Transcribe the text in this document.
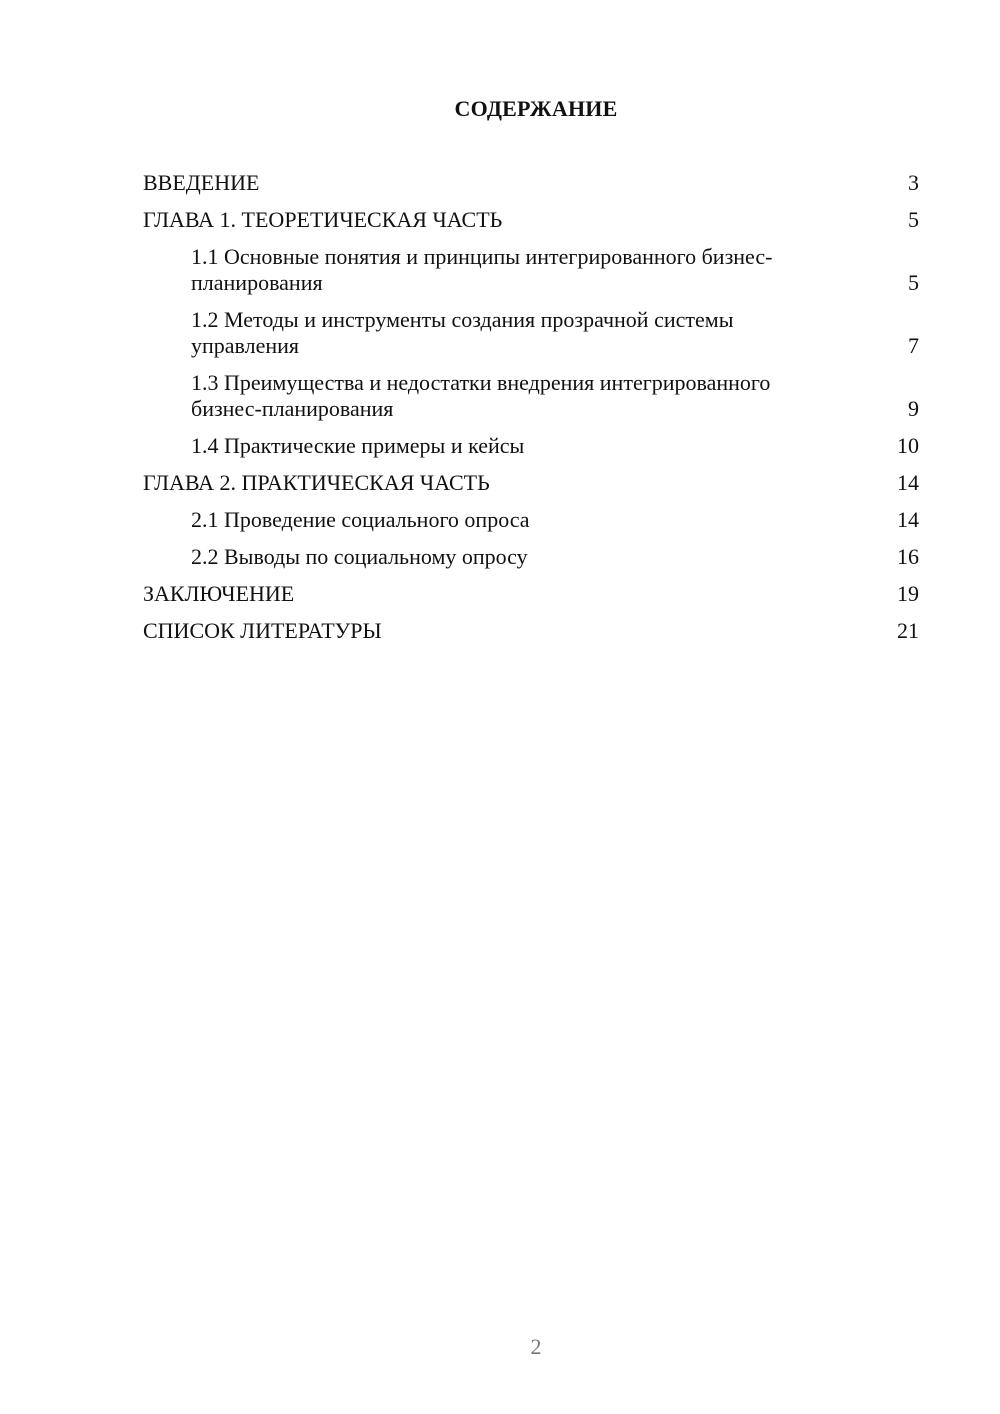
СОДЕРЖАНИЕ
ВВЕДЕНИЕ	3
ГЛАВА 1. ТЕОРЕТИЧЕСКАЯ ЧАСТЬ	5
1.1 Основные понятия и принципы интегрированного бизнес-планирования	5
1.2 Методы и инструменты создания прозрачной системы управления	7
1.3 Преимущества и недостатки внедрения интегрированного бизнес-планирования	9
1.4 Практические примеры и кейсы	10
ГЛАВА 2. ПРАКТИЧЕСКАЯ ЧАСТЬ	14
2.1 Проведение социального опроса	14
2.2 Выводы по социальному опросу	16
ЗАКЛЮЧЕНИЕ	19
СПИСОК ЛИТЕРАТУРЫ	21
2
